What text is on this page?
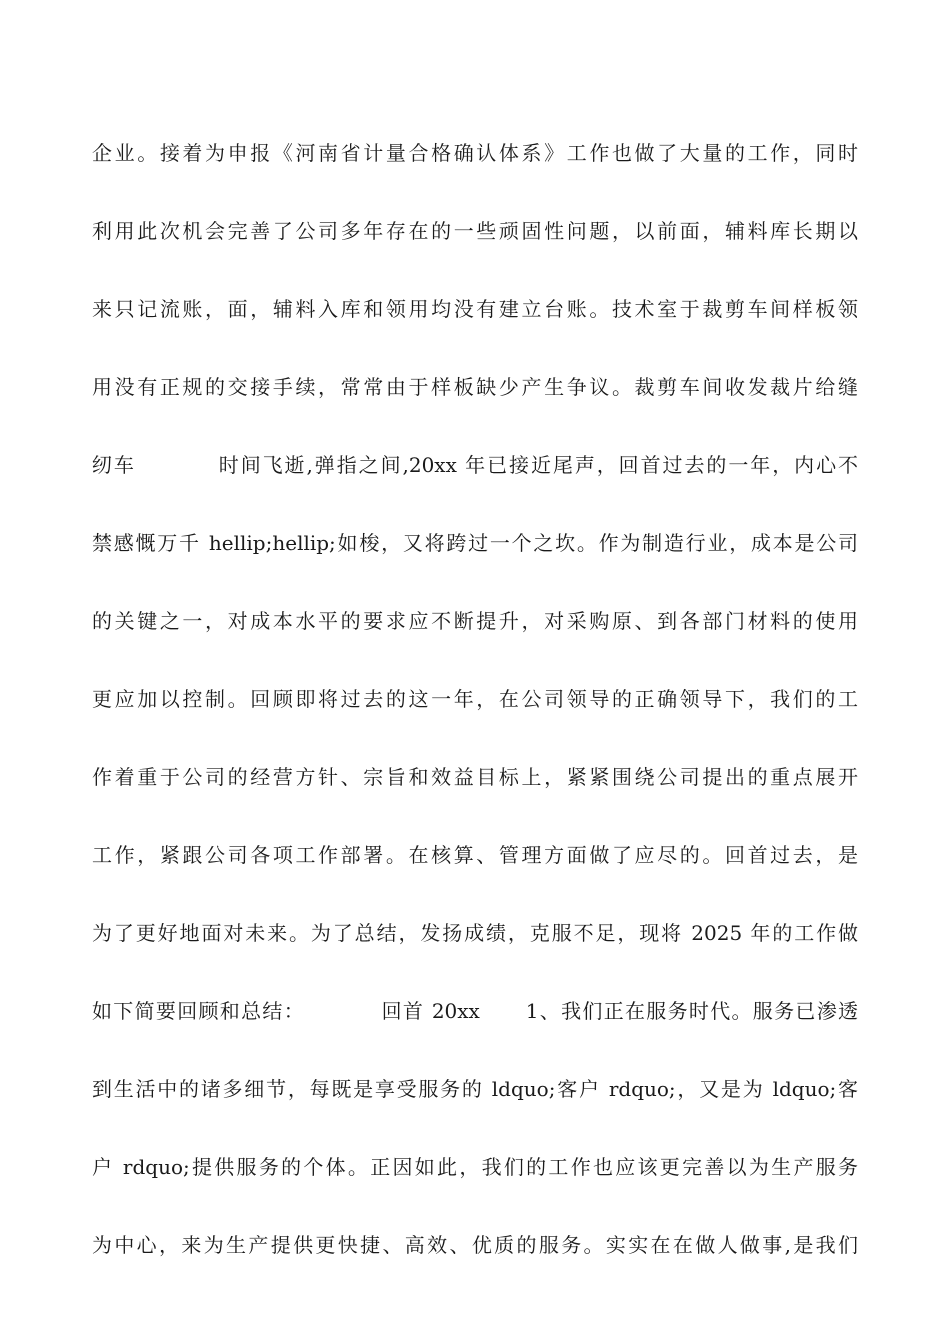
企业。接着为申报《河南省计量合格确认体系》工作也做了大量的工作，同时
利用此次机会完善了公司多年存在的一些顽固性问题，以前面，辅料库长期以
来只记流账，面，辅料入库和领用均没有建立台账。技术室于裁剪车间样板领
用没有正规的交接手续，常常由于样板缺少产生争议。裁剪车间收发裁片给缝
纫车          时间飞逝,弹指之间,20xx 年已接近尾声，回首过去的一年，内心不
禁感慨万千 hellip;hellip;如梭，又将跨过一个之坎。作为制造行业，成本是公司
的关键之一，对成本水平的要求应不断提升，对采购原、到各部门材料的使用
更应加以控制。回顾即将过去的这一年，在公司领导的正确领导下，我们的工
作着重于公司的经营方针、宗旨和效益目标上，紧紧围绕公司提出的重点展开
工作，紧跟公司各项工作部署。在核算、管理方面做了应尽的。回首过去，是
为了更好地面对未来。为了总结，发扬成绩，克服不足，现将 2025 年的工作做
如下简要回顾和总结：          回首 20xx      1、我们正在服务时代。服务已渗透
到生活中的诸多细节，每既是享受服务的 ldquo;客户 rdquo;，又是为 ldquo;客
户 rdquo;提供服务的个体。正因如此，我们的工作也应该更完善以为生产服务
为中心，来为生产提供更快捷、高效、优质的服务。实实在在做人做事,是我们
